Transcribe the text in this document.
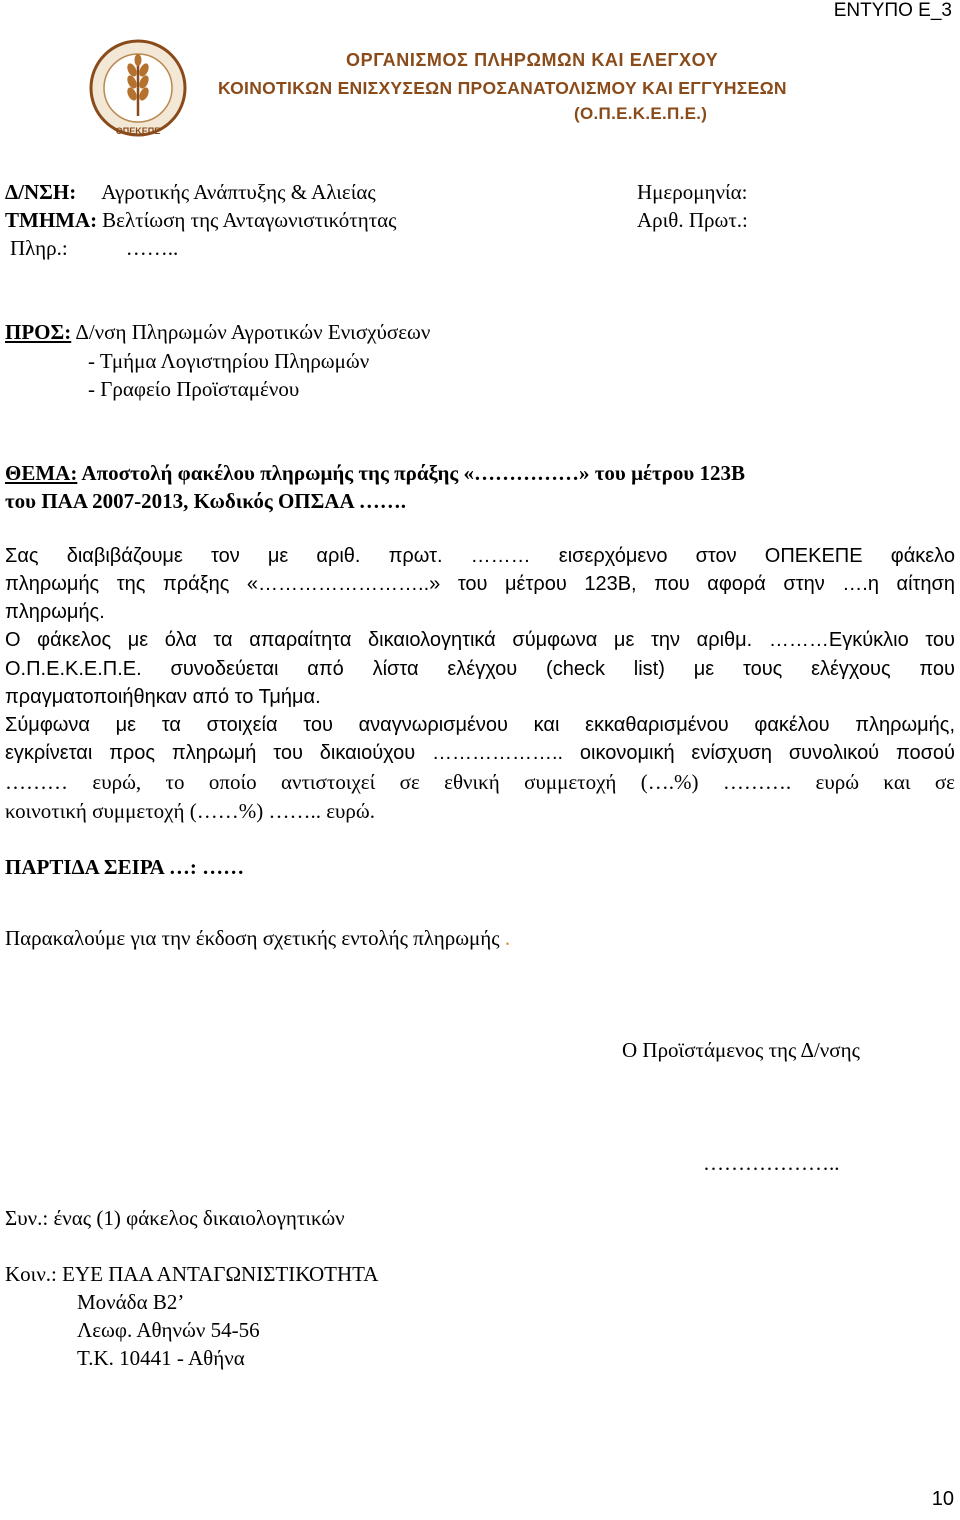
ΕΝΤΥΠΟ Ε_3
ΟΠΕΚΕΠΕ
ΟΡΓΑΝΙΣΜΟΣ ΠΛΗΡΩΜΩΝ ΚΑΙ ΕΛΕΓΧΟΥ
ΚΟΙΝΟΤΙΚΩΝ ΕΝΙΣΧΥΣΕΩΝ ΠΡΟΣΑΝΑΤΟΛΙΣΜΟΥ ΚΑΙ ΕΓΓΥΗΣΕΩΝ
(Ο.Π.Ε.Κ.Ε.Π.Ε.)
Δ/ΝΣΗ: Αγροτικής Ανάπτυξης & Αλιείας	Ημερομηνία:
ΤΜΗΜΑ: Βελτίωση της Ανταγωνιστικότητας	Αριθ. Πρωτ.:
Πληρ.:	……..
ΠΡΟΣ: Δ/νση Πληρωμών Αγροτικών Ενισχύσεων
- Τμήμα Λογιστηρίου Πληρωμών
- Γραφείο Προϊσταμένου
ΘΕΜΑ: Αποστολή φακέλου πληρωμής της πράξης «……………» του μέτρου 123Β
του ΠΑΑ 2007-2013, Κωδικός ΟΠΣΑΑ …….
Σας διαβιβάζουμε τον με αριθ. πρωτ. ……… εισερχόμενο στον ΟΠΕΚΕΠΕ φάκελο
πληρωμής της πράξης «……………………..» του μέτρου 123Β, που αφορά στην ….η αίτηση
πληρωμής.
Ο φάκελος με όλα τα απαραίτητα δικαιολογητικά σύμφωνα με την αριθμ. ………Εγκύκλιο του
Ο.Π.Ε.Κ.Ε.Π.Ε. συνοδεύεται από λίστα ελέγχου (check list) με τους ελέγχους που
πραγματοποιήθηκαν από το Τμήμα.
Σύμφωνα με τα στοιχεία του αναγνωρισμένου και εκκαθαρισμένου φακέλου πληρωμής,
εγκρίνεται προς πληρωμή του δικαιούχου ……………….. οικονομική ενίσχυση συνολικού ποσού
……… ευρώ, το οποίο αντιστοιχεί σε εθνική συμμετοχή (….%) ………. ευρώ και σε
κοινοτική συμμετοχή (……%) …….. ευρώ.
ΠΑΡΤΙΔΑ ΣΕΙΡΑ …: ……
Παρακαλούμε για την έκδοση σχετικής εντολής πληρωμής .
Ο Προϊστάμενος της Δ/νσης
………………..
Συν.: ένας (1) φάκελος δικαιολογητικών
Κοιν.: ΕΥΕ ΠΑΑ ΑΝΤΑΓΩΝΙΣΤΙΚΟΤΗΤΑ
Μονάδα Β2’
Λεωφ. Αθηνών 54-56
Τ.Κ. 10441 - Αθήνα
10
